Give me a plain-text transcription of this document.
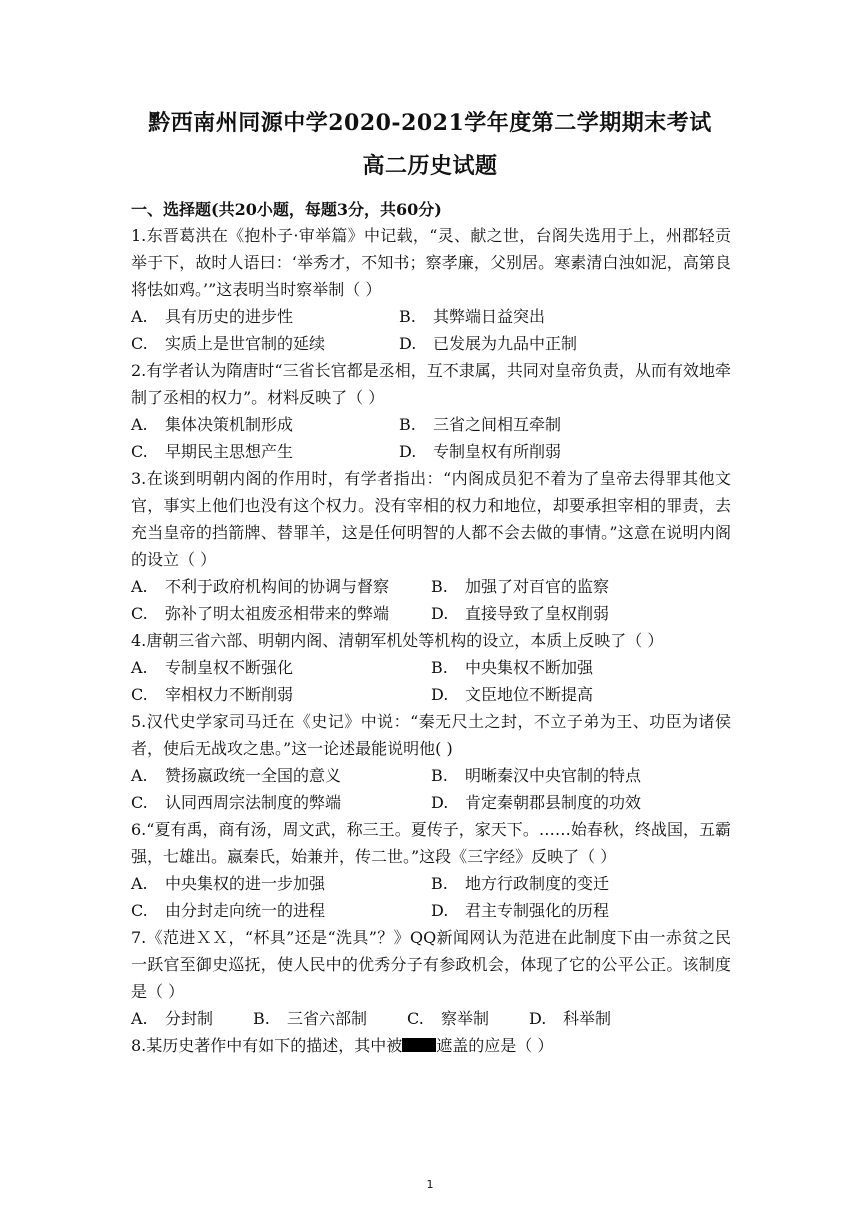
黔西南州同源中学2020-2021学年度第二学期期末考试
高二历史试题
一、选择题(共20小题，每题3分，共60分)

1.东晋葛洪在《抱朴子·审举篇》中记载，“灵、献之世，台阁失选用于上，州郡轻贡举于下，故时人语曰：‘举秀才，不知书；察孝廉，父别居。寒素清白浊如泥，高第良将怯如鸡。’”这表明当时察举制（ ）

A. 具有历史的进步性	B. 其弊端日益突出
C. 实质上是世官制的延续	D. 已发展为九品中正制

2.有学者认为隋唐时“三省长官都是丞相，互不隶属，共同对皇帝负责，从而有效地牵制了丞相的权力”。材料反映了（ ）

A. 集体决策机制形成	B. 三省之间相互牵制
C. 早期民主思想产生	D. 专制皇权有所削弱

3.在谈到明朝内阁的作用时，有学者指出：“内阁成员犯不着为了皇帝去得罪其他文官，事实上他们也没有这个权力。没有宰相的权力和地位，却要承担宰相的罪责，去充当皇帝的挡箭牌、替罪羊，这是任何明智的人都不会去做的事情。”这意在说明内阁的设立（ ）

A. 不利于政府机构间的协调与督察	B. 加强了对百官的监察
C. 弥补了明太祖废丞相带来的弊端	D. 直接导致了皇权削弱

4.唐朝三省六部、明朝内阁、清朝军机处等机构的设立，本质上反映了（ ）

A. 专制皇权不断强化	B. 中央集权不断加强
C. 宰相权力不断削弱	D. 文臣地位不断提高

5.汉代史学家司马迁在《史记》中说：“秦无尺土之封，不立子弟为王、功臣为诸侯者，使后无战攻之患。”这一论述最能说明他( )

A. 赞扬嬴政统一全国的意义	B. 明晰秦汉中央官制的特点
C. 认同西周宗法制度的弊端	D. 肯定秦朝郡县制度的功效

6.“夏有禹，商有汤，周文武，称三王。夏传子，家天下。……始春秋，终战国，五霸强，七雄出。嬴秦氏，始兼并，传二世。”这段《三字经》反映了（ ）

A. 中央集权的进一步加强	B. 地方行政制度的变迁
C. 由分封走向统一的进程	D. 君主专制强化的历程

7.《范进ＸＸ，“杯具”还是“洗具”？》QQ新闻网认为范进在此制度下由一赤贫之民一跃官至御史巡抚，使人民中的优秀分子有参政机会，体现了它的公平公正。该制度是（ ）

A. 分封制	B. 三省六部制	C. 察举制	D. 科举制

8.某历史著作中有如下的描述，其中被 遮盖的应是（ ）

1
